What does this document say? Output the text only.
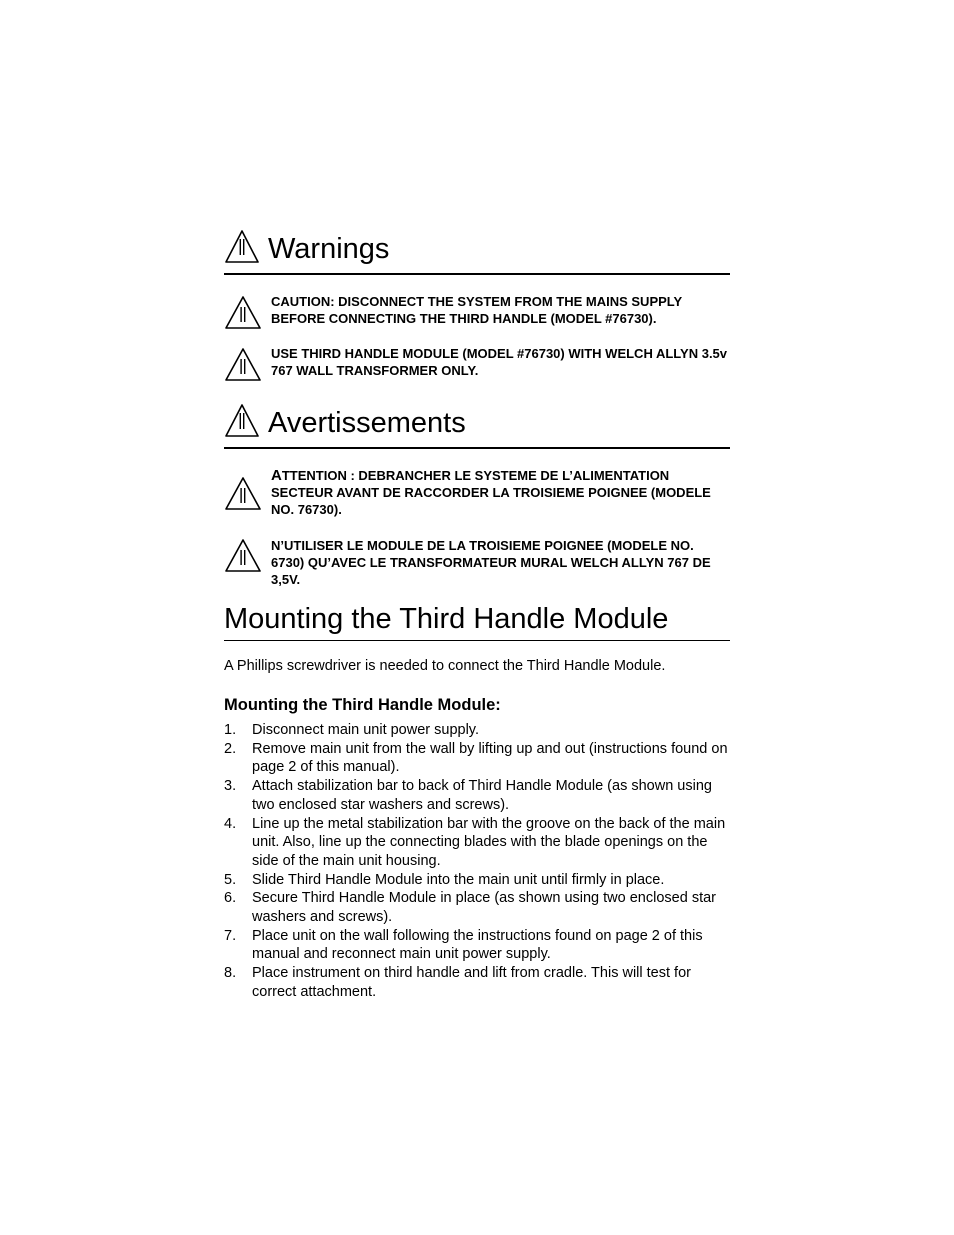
Warnings
CAUTION: DISCONNECT THE SYSTEM FROM THE MAINS SUPPLY BEFORE CONNECTING THE THIRD HANDLE (MODEL #76730).
USE THIRD HANDLE MODULE (MODEL #76730) WITH WELCH ALLYN 3.5v 767 WALL TRANSFORMER ONLY.
Avertissements
ATTENTION : DEBRANCHER LE SYSTEME DE L’ALIMENTATION SECTEUR AVANT DE RACCORDER LA TROISIEME POIGNEE (MODELE NO. 76730).
N’UTILISER LE MODULE DE LA TROISIEME POIGNEE (MODELE NO. 6730) QU’AVEC LE TRANSFORMATEUR MURAL WELCH ALLYN 767 DE 3,5V.
Mounting the Third Handle Module
A Phillips screwdriver is needed to connect the Third Handle Module.
Mounting the Third Handle Module:
1.	Disconnect main unit power supply.
2.	Remove main unit from the wall by lifting up and out (instructions found on page 2 of this manual).
3.	Attach stabilization bar to back of Third Handle Module (as shown using two enclosed star washers and screws).
4.	Line up the metal stabilization bar with the groove on the back of the main unit. Also, line up the connecting blades with the blade openings on the side of the main unit housing.
5.	Slide Third Handle Module into the main unit until firmly in place.
6.	Secure Third Handle Module in place (as shown using two enclosed star washers and screws).
7.	Place unit on the wall following the instructions found on page 2 of this manual and reconnect main unit power supply.
8.	Place instrument on third handle and lift from cradle. This will test for correct attachment.
